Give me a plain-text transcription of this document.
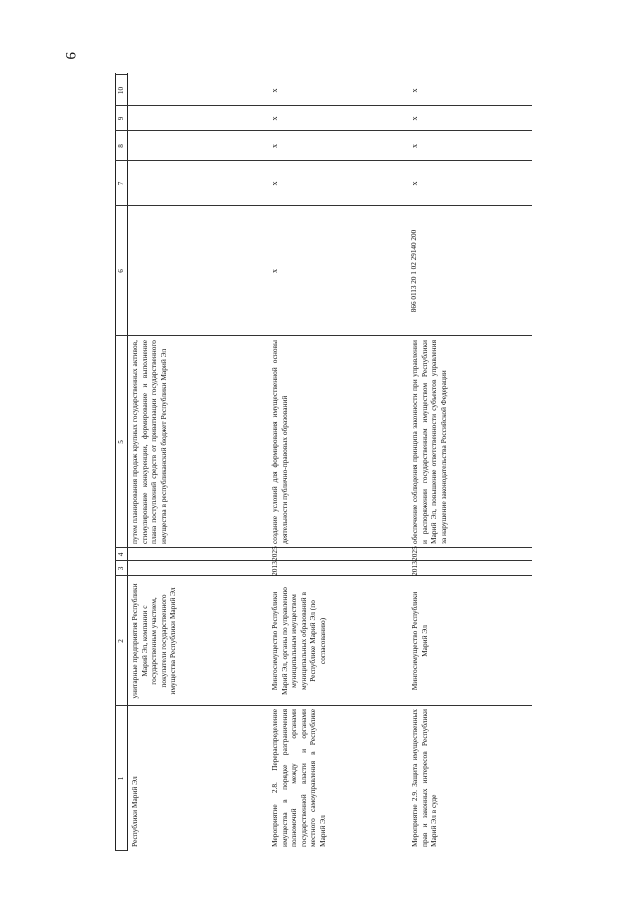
9
1
2
3
4
5
6
7
8
9
10
Республики Марий Эл
унитарные предприятия Республики Марий Эл, компании с государственным участием, покупатели государственного имущества Республики Марий Эл
путем планирования продаж крупных государственных активов, стимулирование конкуренции, формирование и выполнение плана поступлений средств от приватизации государственного имущества в республиканский бюджет Республики Марий Эл
Мероприятие 2.8. Перераспределение имущества в порядке разграничения полномочий между органами государственной власти и органами местного самоуправления в Республике Марий Эл
Мингосимущество Республики Марий Эл, органы по управлению муниципальным имуществом муниципальных образований в Республике Марий Эл (по согласованию)
2013
2025
создание условий для формирования имущественной основы деятельности публично-правовых образований
x
x
x
x
x
Мероприятие 2.9. Защита имущественных прав и законных интересов Республики Марий Эл в суде
Мингосимущество Республики Марий Эл
2013
2025
обеспечение соблюдения принципа законности при управлении и распоряжении государственным имуществом Республики Марий Эл, повышение ответственности субъектов управления за нарушение законодательства Российской Федерации
866 0113 20 1 02 29140 200
x
x
x
x
